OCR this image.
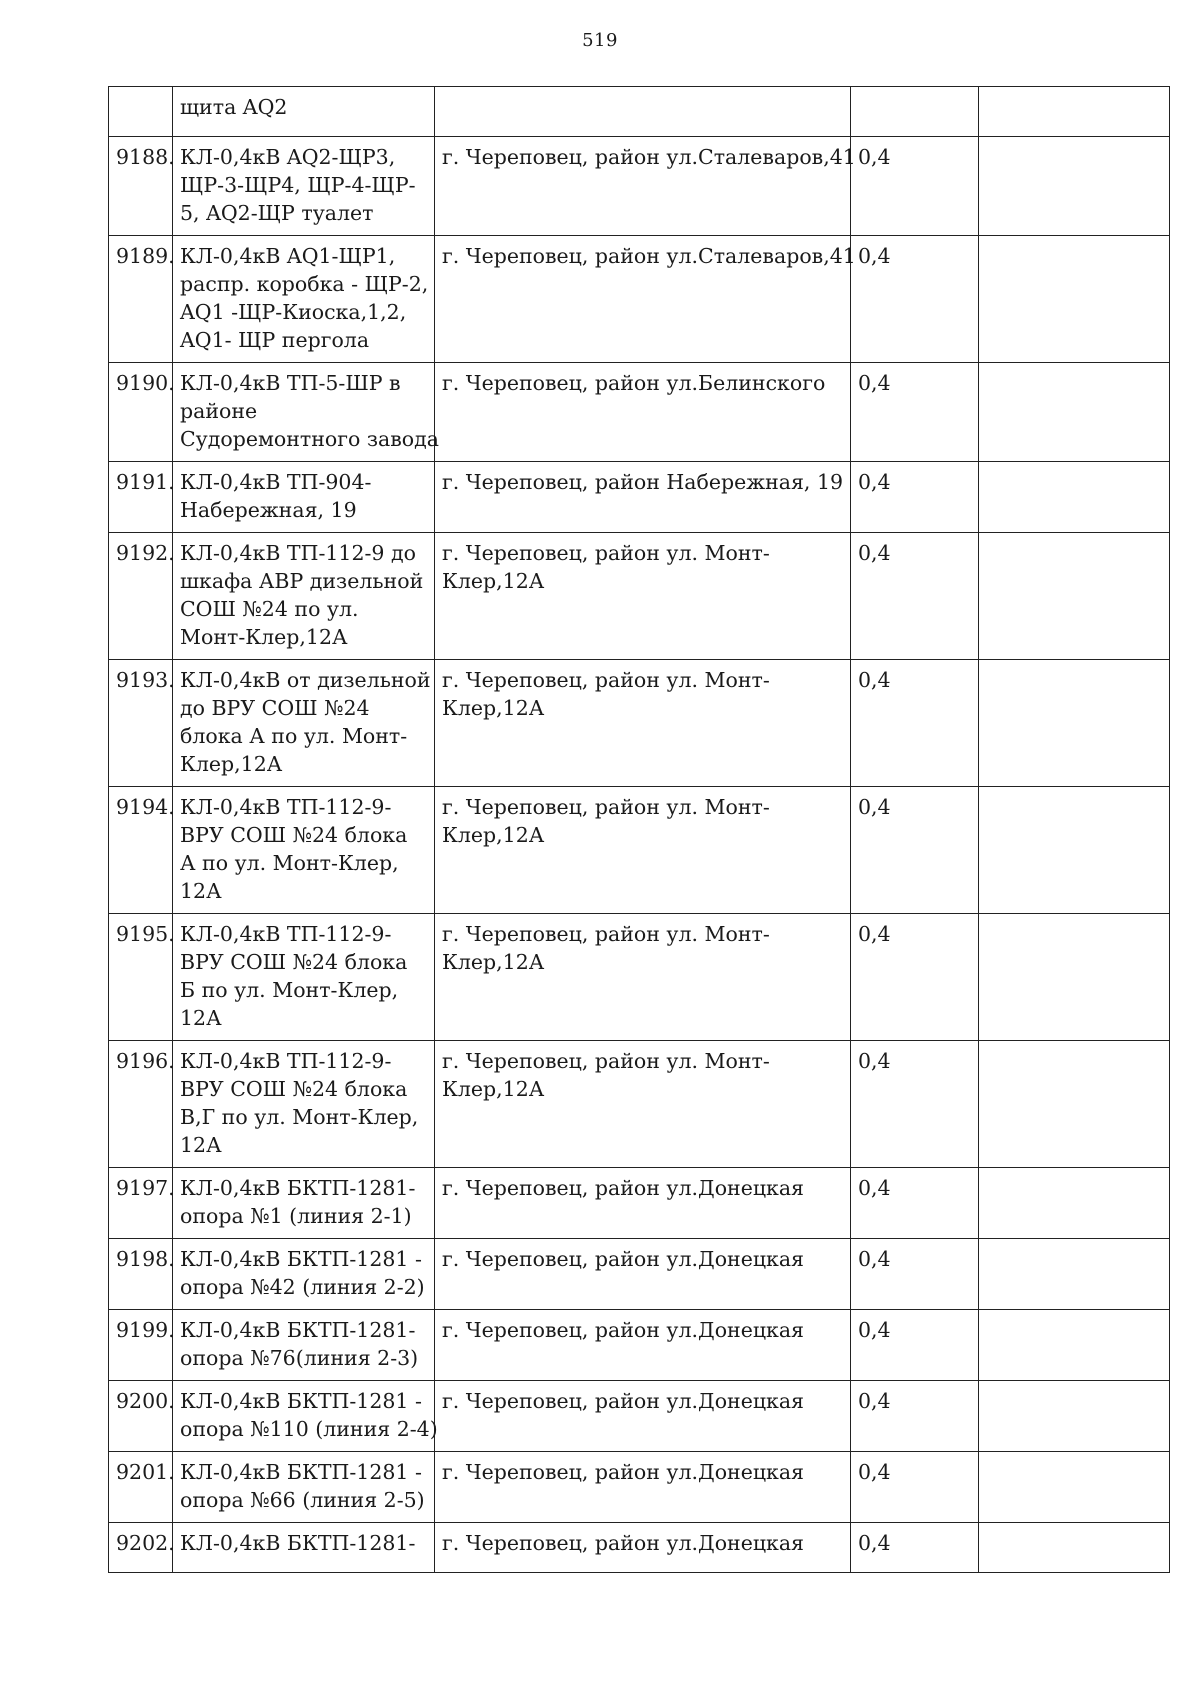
519

	щита AQ2			

9188.	КЛ-0,4кВ AQ2-ЩР3,
ЩР-3-ЩР4, ЩР-4-ЩР-
5, AQ2-ЩР туалет	г. Череповец, район ул.Сталеваров,41	0,4	
9189.	КЛ-0,4кВ AQ1-ЩР1,
распр. коробка - ЩР-2,
AQ1 -ЩР-Киоска,1,2,
AQ1- ЩР пергола	г. Череповец, район ул.Сталеваров,41	0,4	
9190.	КЛ-0,4кВ ТП-5-ШР в
районе
Судоремонтного завода	г. Череповец, район ул.Белинского	0,4	
9191.	КЛ-0,4кВ ТП-904-
Набережная, 19	г. Череповец, район Набережная, 19	0,4	
9192.	КЛ-0,4кВ ТП-112-9 до
шкафа АВР дизельной
СОШ №24 по ул.
Монт-Клер,12А	г. Череповец, район ул. Монт-
Клер,12А	0,4	
9193.	КЛ-0,4кВ от дизельной
до ВРУ СОШ №24
блока А по ул. Монт-
Клер,12А	г. Череповец, район ул. Монт-
Клер,12А	0,4	
9194.	КЛ-0,4кВ ТП-112-9-
ВРУ СОШ №24 блока
А по ул. Монт-Клер,
12А	г. Череповец, район ул. Монт-
Клер,12А	0,4	
9195.	КЛ-0,4кВ ТП-112-9-
ВРУ СОШ №24 блока
Б по ул. Монт-Клер,
12А	г. Череповец, район ул. Монт-
Клер,12А	0,4	
9196.	КЛ-0,4кВ ТП-112-9-
ВРУ СОШ №24 блока
В,Г по ул. Монт-Клер,
12А	г. Череповец, район ул. Монт-
Клер,12А	0,4	
9197.	КЛ-0,4кВ БКТП-1281-
опора №1 (линия 2-1)	г. Череповец, район ул.Донецкая	0,4	
9198.	КЛ-0,4кВ БКТП-1281 -
опора №42 (линия 2-2)	г. Череповец, район ул.Донецкая	0,4	
9199.	КЛ-0,4кВ БКТП-1281-
опора №76(линия 2-3)	г. Череповец, район ул.Донецкая	0,4	
9200.	КЛ-0,4кВ БКТП-1281 -
опора №110 (линия 2-4)	г. Череповец, район ул.Донецкая	0,4	
9201.	КЛ-0,4кВ БКТП-1281 -
опора №66 (линия 2-5)	г. Череповец, район ул.Донецкая	0,4	
9202.	КЛ-0,4кВ БКТП-1281-	г. Череповец, район ул.Донецкая	0,4	
